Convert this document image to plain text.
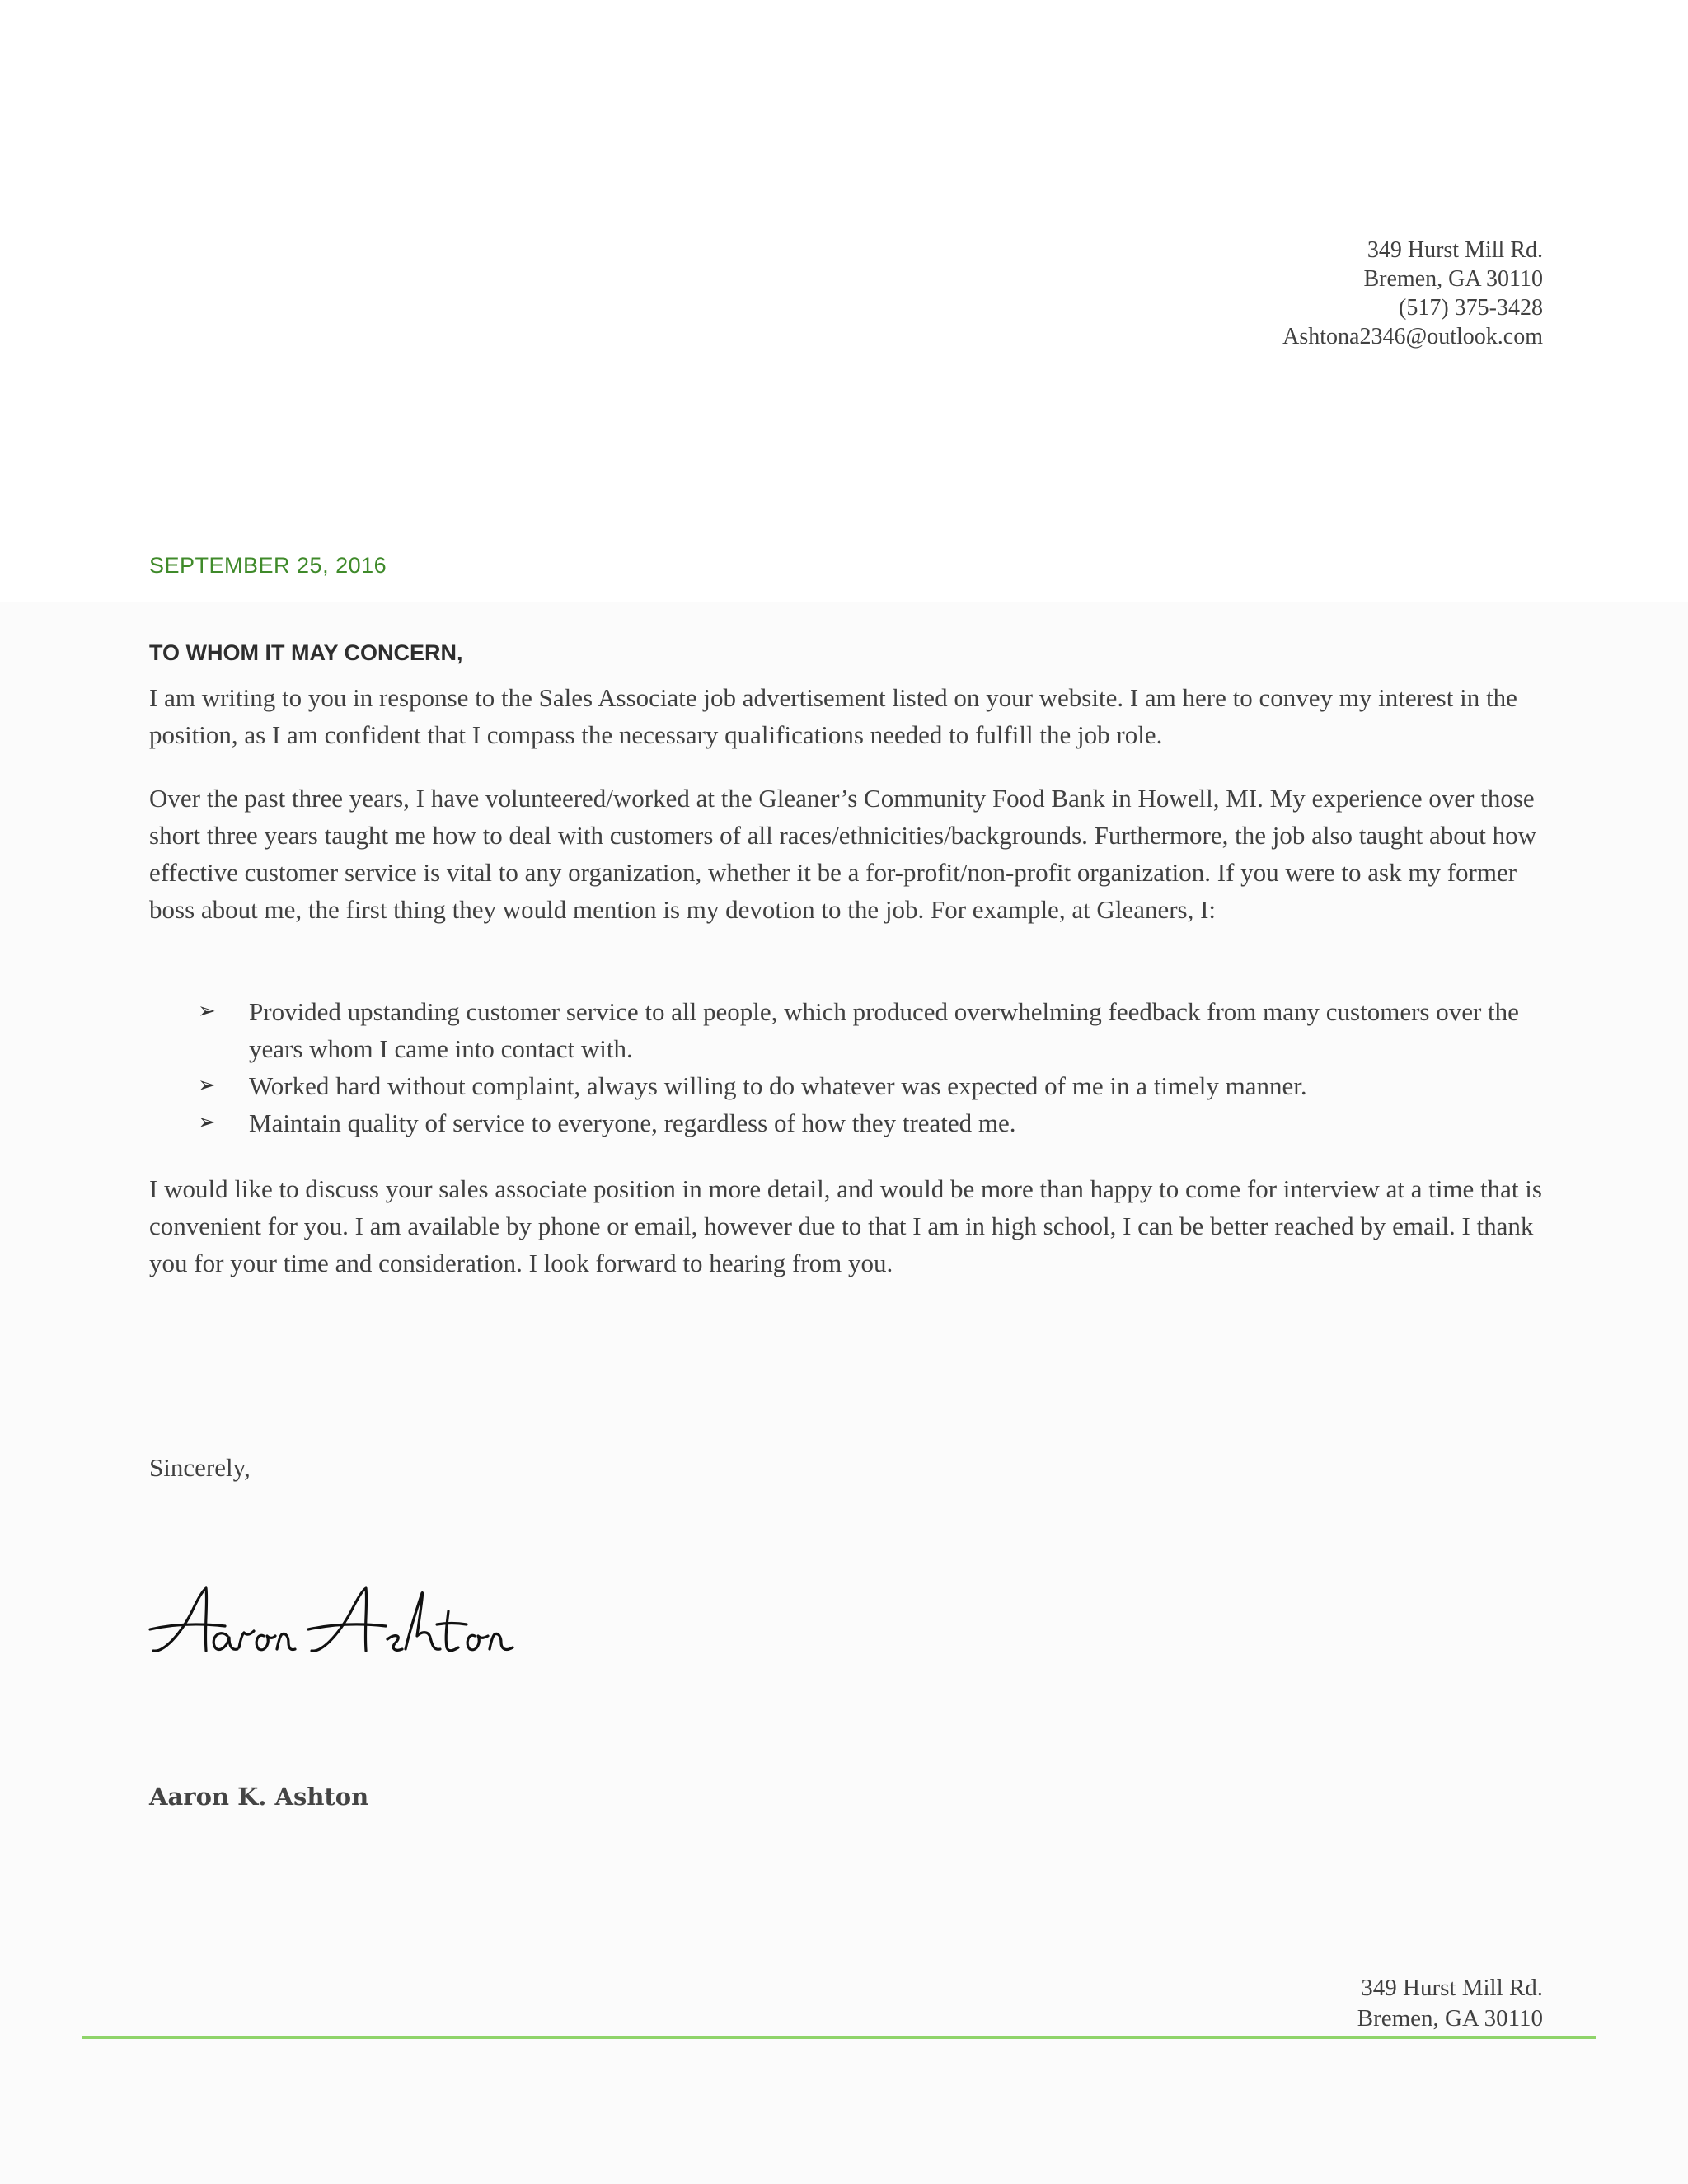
349 Hurst Mill Rd.
Bremen, GA 30110
(517) 375-3428
Ashtona2346@outlook.com
SEPTEMBER 25, 2016
TO WHOM IT MAY CONCERN,
I am writing to you in response to the Sales Associate job advertisement listed on your website. I am here to convey my interest in the position, as I am confident that I compass the necessary qualifications needed to fulfill the job role.
Over the past three years, I have volunteered/worked at the Gleaner’s Community Food Bank in Howell, MI. My experience over those short three years taught me how to deal with customers of all races/ethnicities/backgrounds. Furthermore, the job also taught about how effective customer service is vital to any organization, whether it be a for-profit/non-profit organization. If you were to ask my former boss about me, the first thing they would mention is my devotion to the job. For example, at Gleaners, I:
➢ Provided upstanding customer service to all people, which produced overwhelming feedback from many customers over the years whom I came into contact with.
➢ Worked hard without complaint, always willing to do whatever was expected of me in a timely manner.
➢ Maintain quality of service to everyone, regardless of how they treated me.
I would like to discuss your sales associate position in more detail, and would be more than happy to come for interview at a time that is convenient for you. I am available by phone or email, however due to that I am in high school, I can be better reached by email. I thank you for your time and consideration. I look forward to hearing from you.
Sincerely,
Aaron K. Ashton
349 Hurst Mill Rd.
Bremen, GA 30110
